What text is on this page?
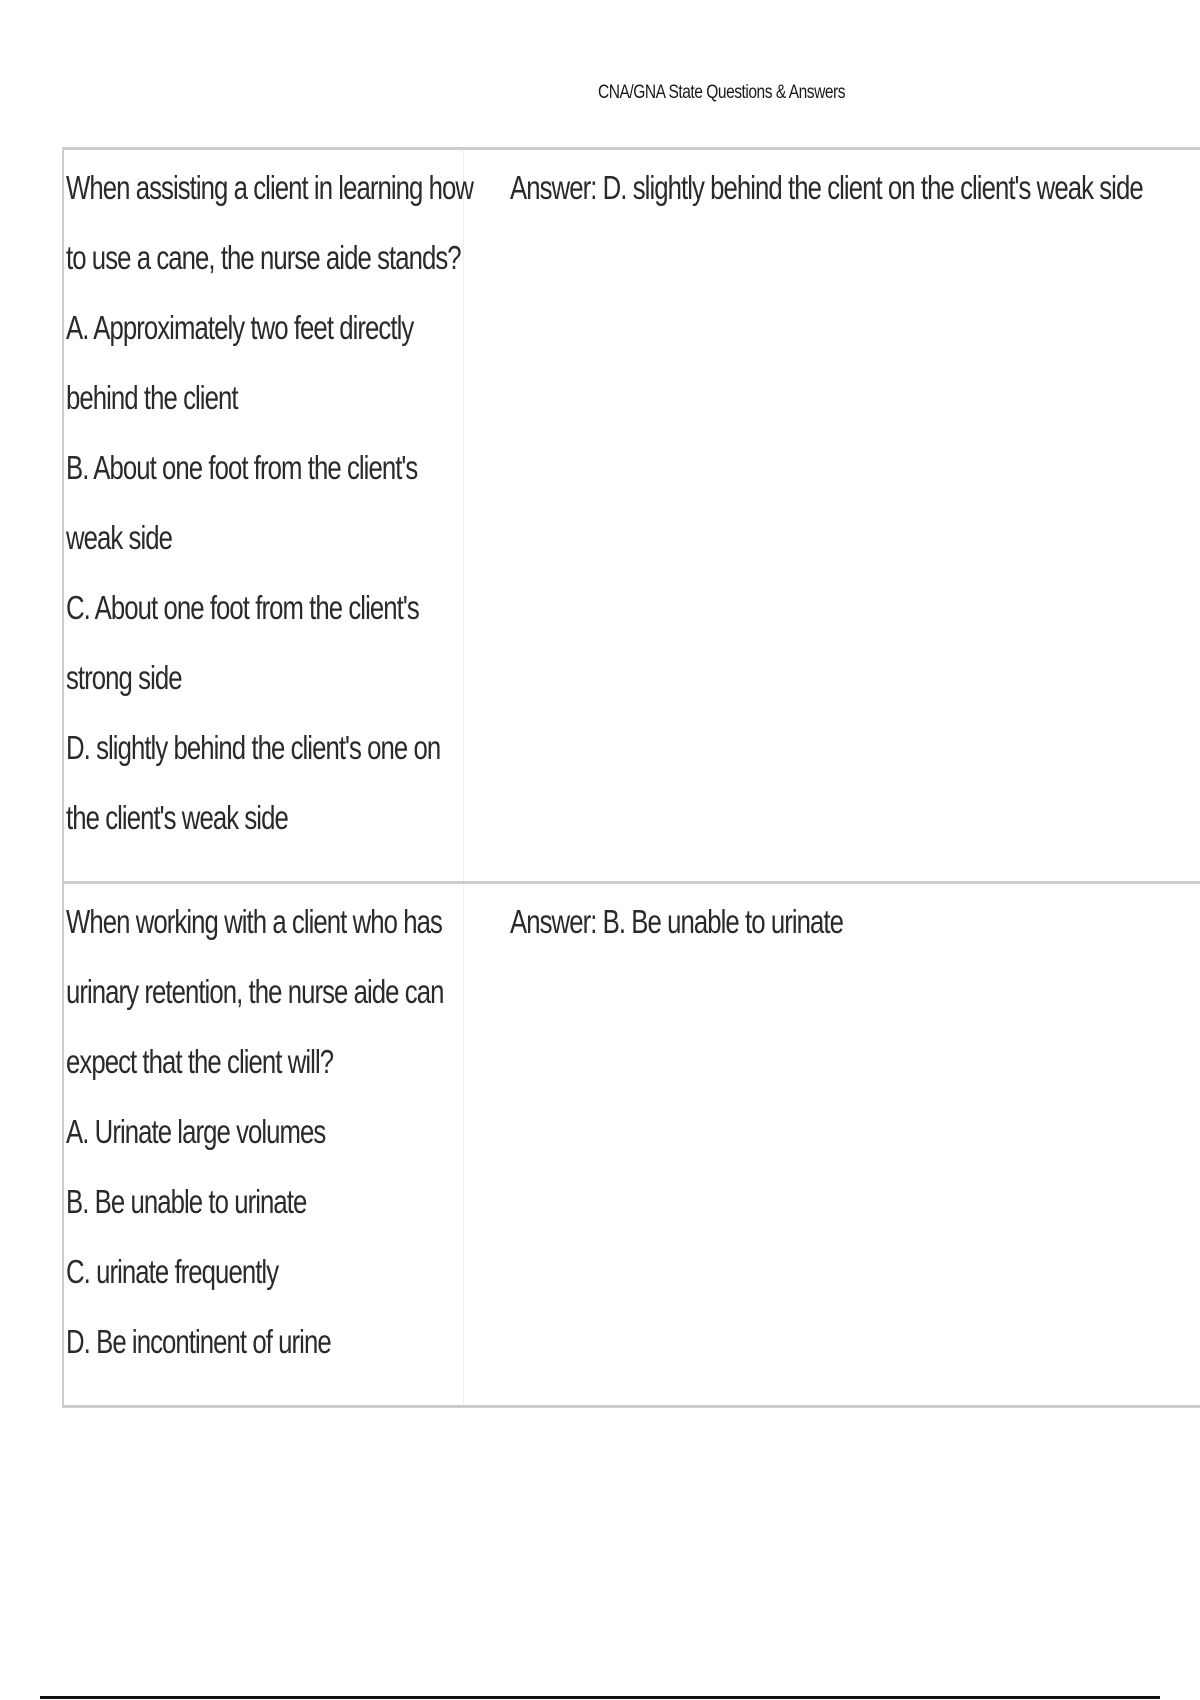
CNA/GNA State Questions & Answers
When assisting a client in learning how
to use a cane, the nurse aide stands?
A. Approximately two feet directly
behind the client
B. About one foot from the client's
weak side
C. About one foot from the client's
strong side
D. slightly behind the client's one on
the client's weak side
Answer: D. slightly behind the client on the client's weak side
When working with a client who has
urinary retention, the nurse aide can
expect that the client will?
A. Urinate large volumes
B. Be unable to urinate
C. urinate frequently
D. Be incontinent of urine
Answer: B. Be unable to urinate
